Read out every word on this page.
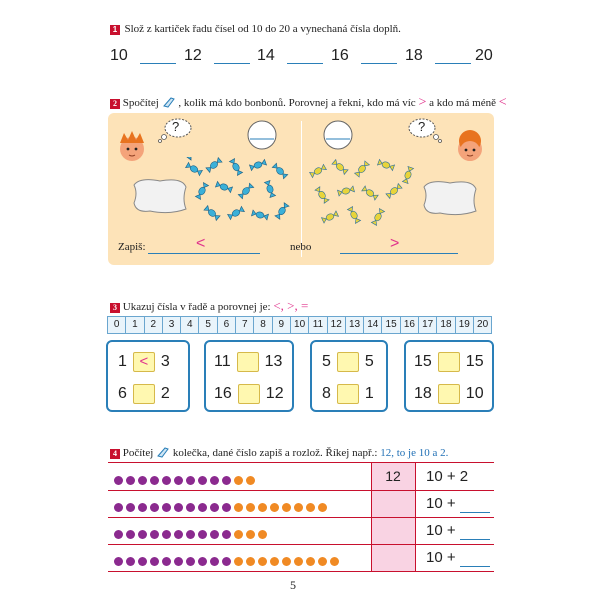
1 Slož z kartiček řadu čísel od 10 do 20 a vynechaná čísla doplň.
10	12	14	16	18	20
2 Spočítej , kolik má kdo bonbonů. Porovnej a řekni, kdo má víc > a kdo má méně <
?	?
Zapiš:	<	nebo	>
3 Ukazuj čísla v řadě a porovnej je: <, >, =
0	1	2	3	4	5	6	7	8	9 10 11 12 13 14 15 16 17 18 19 20
1 < 3
6 2
11 13
16 12
5 5
8 1
15 15
18 10
4 Počítej kolečka, dané číslo zapiš a rozlož. Říkej např.: 12, to je 10 a 2.
12	10 + 2
10 +
10 +
10 +
5
